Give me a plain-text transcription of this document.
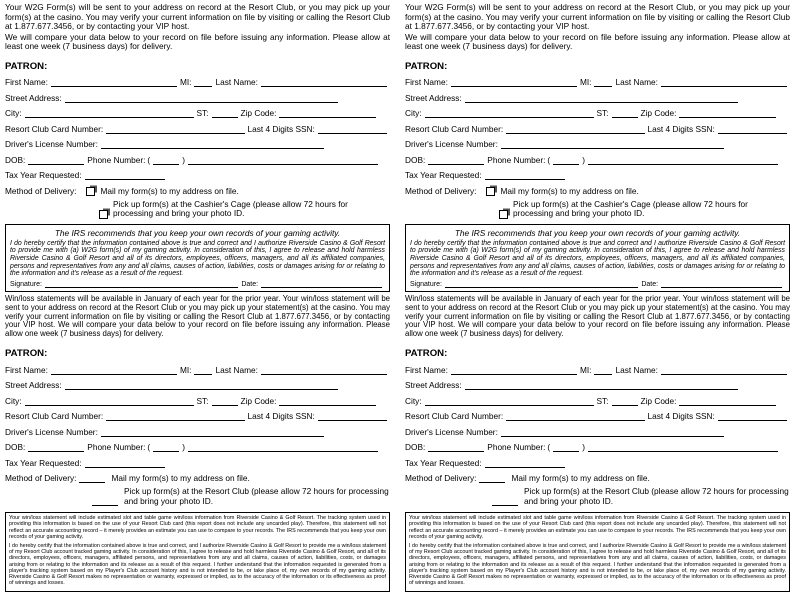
Your W2G Form(s) will be sent to your address on record at the Resort Club, or you may pick up your form(s) at the casino. You may verify your current information on file by visiting or calling the Resort Club at 1.877.677.3456, or by contacting your VIP host.

We will compare your data below to your record on file before issuing any information. Please allow at least one week (7 business days) for delivery.

PATRON:
First Name:	MI:	Last Name:
Street Address:
City:	ST:	Zip Code:
Resort Club Card Number:	Last 4 Digits SSN:
Driver's License Number:
DOB:	Phone Number: (	)
Tax Year Requested:
Method of Delivery:	Mail my form(s) to my address on file.
Pick up form(s) at the Cashier's Cage (please allow 72 hours for processing and bring your photo ID.
The IRS recommends that you keep your own records of your gaming activity.
I do hereby certify that the information contained above is true and correct and I authorize Riverside Casino & Golf Resort to provide me with (a) W2G form(s) of my gaming activity. In consideration of this, I agree to release and hold harmless Riverside Casino & Golf Resort and all of its directors, employees, officers, managers, and all its affiliated companies, persons and representatives from any and all claims, causes of action, liabilities, costs or damages arising for or relating to the information and it's release as a result of the request.
Signature:	Date:

Win/loss statements will be available in January of each year for the prior year. Your win/loss statement will be sent to your address on record at the Resort Club or you may pick up your statement(s) at the casino. You may verify your current information on file by visiting or calling the Resort Club at 1.877.677.3456, or by contacting your VIP host. We will compare your data below to your record on file before issuing any information. Please allow one week (7 business days) for delivery.

PATRON:
First Name:	MI:	Last Name:
Street Address:
City:	ST:	Zip Code:
Resort Club Card Number:	Last 4 Digits SSN:
Driver's License Number:
DOB:	Phone Number: (	)
Tax Year Requested:
Method of Delivery:	Mail my form(s) to my address on file.
Pick up form(s) at the Resort Club (please allow 72 hours for processing and bring your photo ID.

Your win/loss statement will include estimated slot and table game win/loss information from Riverside Casino & Golf Resort. The tracking system used in providing this information is based on the use of your Resort Club card (this report does not include any uncarded play). Therefore, this statement will not reflect an accurate accounting record – it merely provides an estimate you can use to compare to your records. The IRS recommends that you keep your own records of your gaming activity.

I do hereby certify that the information contained above is true and correct, and I authorize Riverside Casino & Golf Resort to provide me a win/loss statement of my Resort Club account tracked gaming activity. In consideration of this, I agree to release and hold harmless Riverside Casino & Golf Resort, and all of its directors, employees, officers, managers, affiliated persons, and representatives from any and all claims, causes of action, liabilities, costs, or damages arising from or relating to the information and its release as a result of this request. I further understand that the information requested is generated from a player's tracking system based on my Player's Club account history and is not intended to be, or take place of, my own records of my gaming activity. Riverside Casino & Golf Resort makes no representation or warranty, expressed or implied, as to the accuracy of the information or its effectiveness as proof of winnings and losses.

Your W2G Form(s) will be sent to your address on record at the Resort Club, or you may pick up your form(s) at the casino. You may verify your current information on file by visiting or calling the Resort Club at 1.877.677.3456, or by contacting your VIP host.

We will compare your data below to your record on file before issuing any information. Please allow at least one week (7 business days) for delivery.

PATRON:
First Name:	MI:	Last Name:
Street Address:
City:	ST:	Zip Code:
Resort Club Card Number:	Last 4 Digits SSN:
Driver's License Number:
DOB:	Phone Number: (	)
Tax Year Requested:
Method of Delivery:	Mail my form(s) to my address on file.
Pick up form(s) at the Cashier's Cage (please allow 72 hours for processing and bring your photo ID.
The IRS recommends that you keep your own records of your gaming activity.
I do hereby certify that the information contained above is true and correct and I authorize Riverside Casino & Golf Resort to provide me with (a) W2G form(s) of my gaming activity. In consideration of this, I agree to release and hold harmless Riverside Casino & Golf Resort and all of its directors, employees, officers, managers, and all its affiliated companies, persons and representatives from any and all claims, causes of action, liabilities, costs or damages arising for or relating to the information and it's release as a result of the request.
Signature:	Date:

Win/loss statements will be available in January of each year for the prior year. Your win/loss statement will be sent to your address on record at the Resort Club or you may pick up your statement(s) at the casino. You may verify your current information on file by visiting or calling the Resort Club at 1.877.677.3456, or by contacting your VIP host. We will compare your data below to your record on file before issuing any information. Please allow one week (7 business days) for delivery.

PATRON:
First Name:	MI:	Last Name:
Street Address:
City:	ST:	Zip Code:
Resort Club Card Number:	Last 4 Digits SSN:
Driver's License Number:
DOB:	Phone Number: (	)
Tax Year Requested:
Method of Delivery:	Mail my form(s) to my address on file.
Pick up form(s) at the Resort Club (please allow 72 hours for processing and bring your photo ID.

Your win/loss statement will include estimated slot and table game win/loss information from Riverside Casino & Golf Resort. The tracking system used in providing this information is based on the use of your Resort Club card (this report does not include any uncarded play). Therefore, this statement will not reflect an accurate accounting record – it merely provides an estimate you can use to compare to your records. The IRS recommends that you keep your own records of your gaming activity.

I do hereby certify that the information contained above is true and correct, and I authorize Riverside Casino & Golf Resort to provide me a win/loss statement of my Resort Club account tracked gaming activity. In consideration of this, I agree to release and hold harmless Riverside Casino & Golf Resort, and all of its directors, employees, officers, managers, affiliated persons, and representatives from any and all claims, causes of action, liabilities, costs, or damages arising from or relating to the information and its release as a result of this request. I further understand that the information requested is generated from a player's tracking system based on my Player's Club account history and is not intended to be, or take place of, my own records of my gaming activity. Riverside Casino & Golf Resort makes no representation or warranty, expressed or implied, as to the accuracy of the information or its effectiveness as proof of winnings and losses.
